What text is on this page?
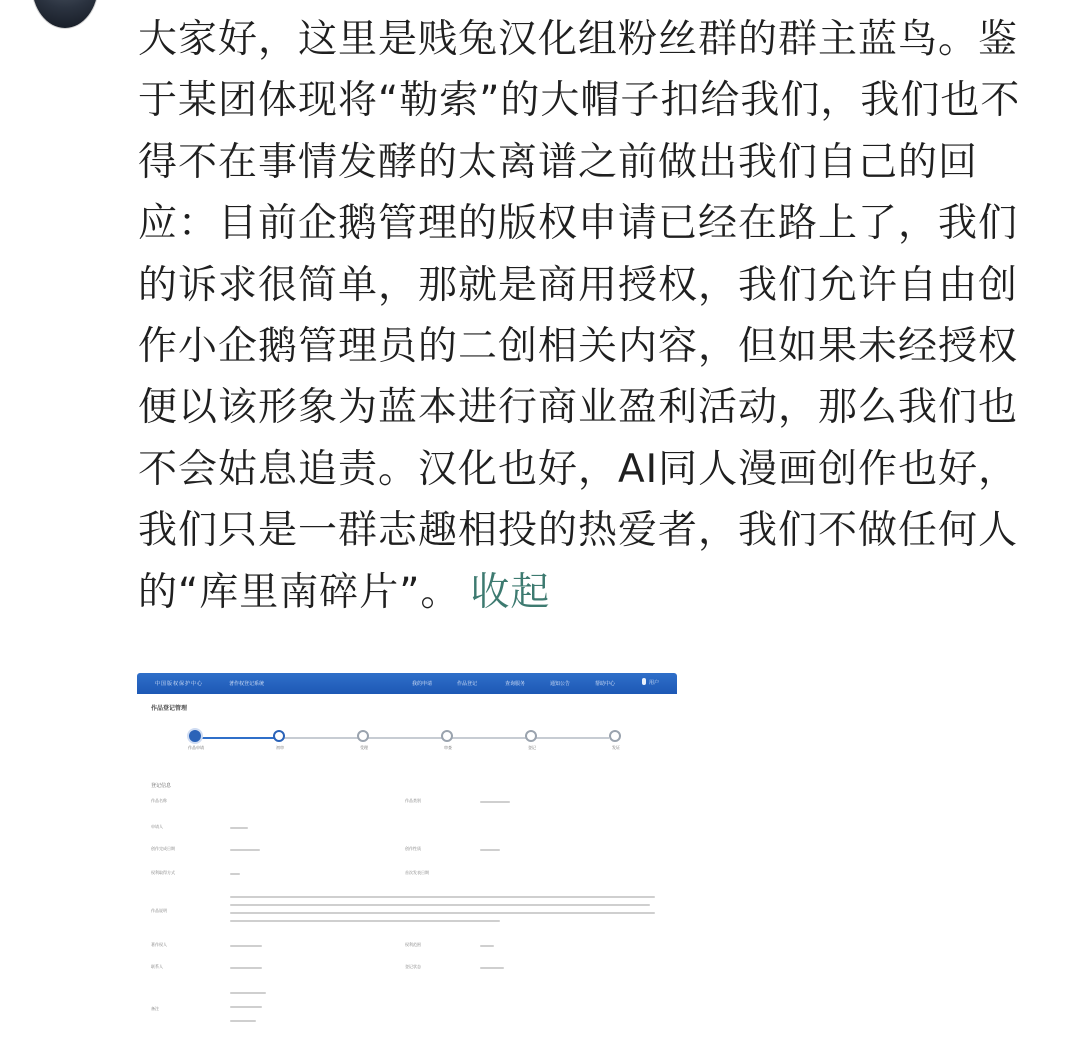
大家好，这里是贱兔汉化组粉丝群的群主蓝鸟。鉴于某团体现将“勒索”的大帽子扣给我们，我们也不得不在事情发酵的太离谱之前做出我们自己的回应：目前企鹅管理的版权申请已经在路上了，我们的诉求很简单，那就是商用授权，我们允许自由创作小企鹅管理员的二创相关内容，但如果未经授权便以该形象为蓝本进行商业盈利活动，那么我们也不会姑息追责。汉化也好，AI同人漫画创作也好，我们只是一群志趣相投的热爱者，我们不做任何人的“库里南碎片”。 收起
中国版权保护中心	著作权登记系统	我的申请	作品登记	查询服务	通知公告	帮助中心	用户
作品登记管理
作品申请	初审	受理	审查	登记	发证
登记信息
作品名称	作品类别
申请人
创作完成日期	创作性质
权利取得方式	首次发表日期
作品说明
著作权人	权利范围
联系人	登记状态
备注
